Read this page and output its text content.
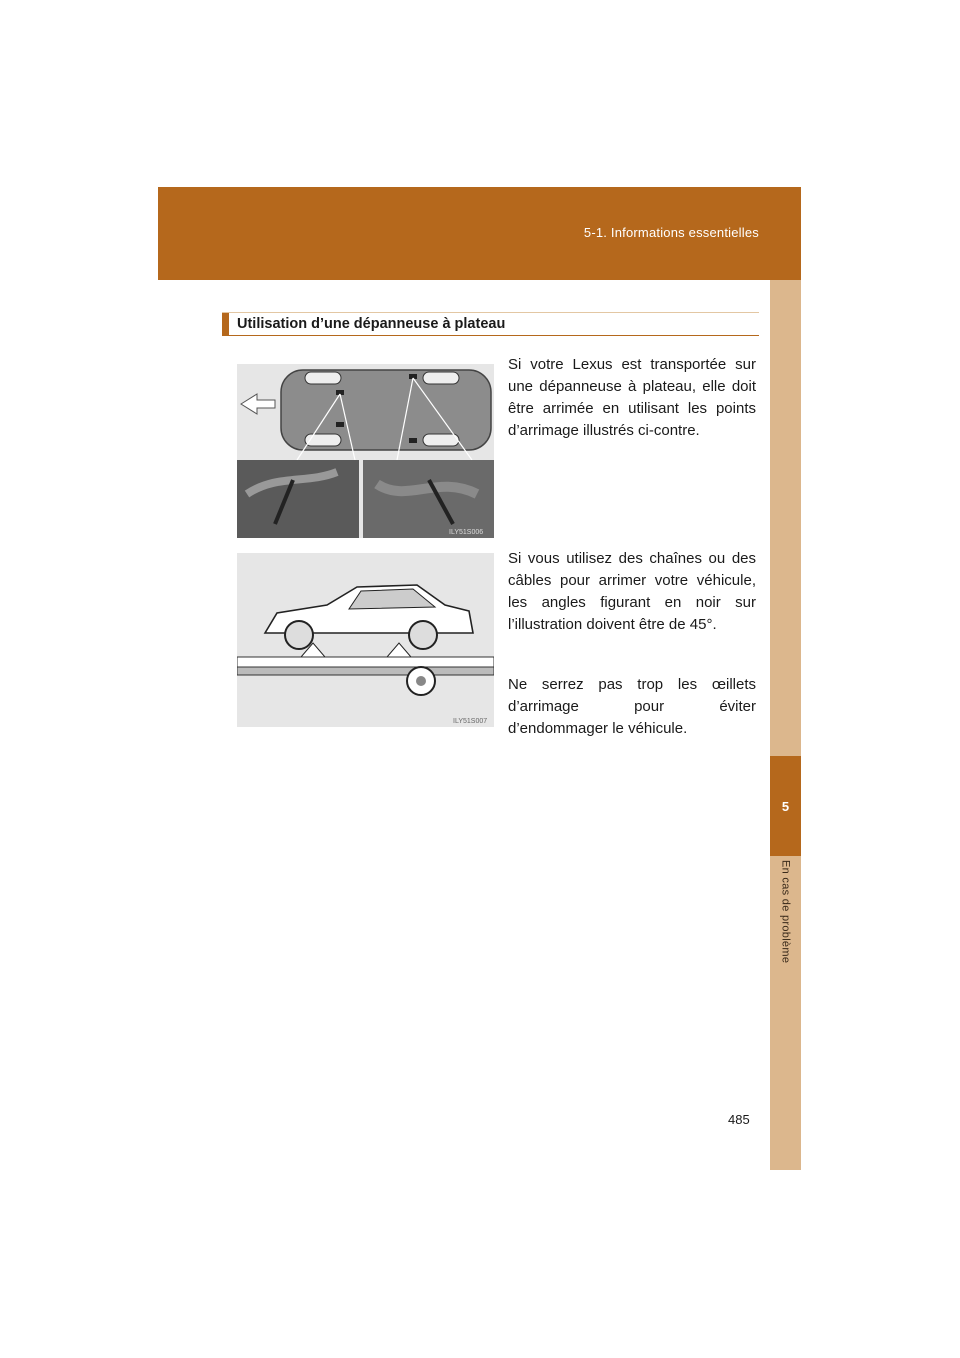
5-1. Informations essentielles
5
En cas de problème
Utilisation d’une dépanneuse à plateau
ILY51S006
ILY51S007
Si votre Lexus est transportée sur une dépanneuse à plateau, elle doit être arrimée en utilisant les points d’arrimage illustrés ci-contre.
Si vous utilisez des chaînes ou des câbles pour arrimer votre véhicule, les angles figurant en noir sur l’illustration doivent être de 45°.
Ne serrez pas trop les œillets d’arrimage pour éviter d’endommager le véhicule.
485
